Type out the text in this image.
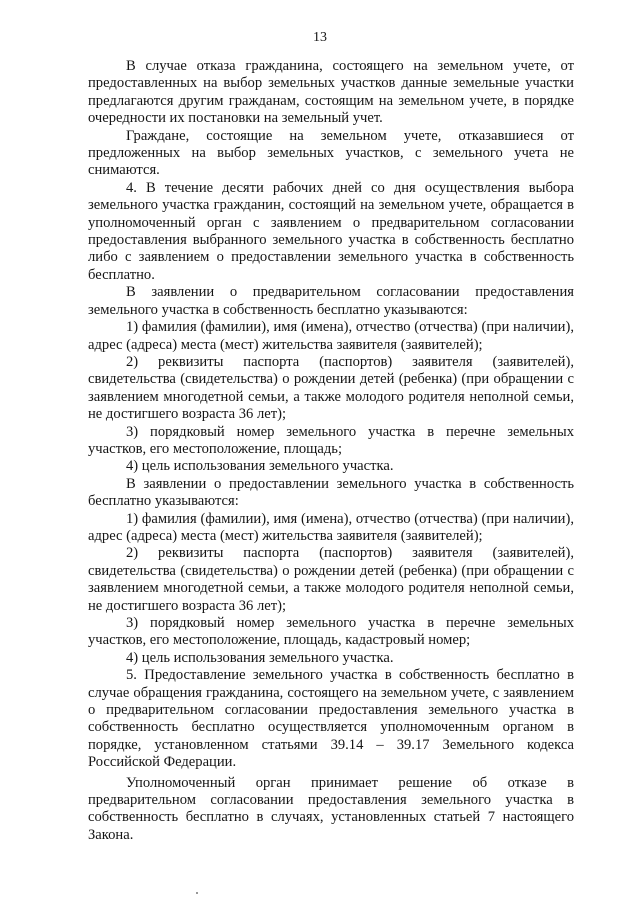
13

В случае отказа гражданина, состоящего на земельном учете, от предоставленных на выбор земельных участков данные земельные участки предлагаются другим гражданам, состоящим на земельном учете, в порядке очередности их постановки на земельный учет.

Граждане, состоящие на земельном учете, отказавшиеся от предложенных на выбор земельных участков, с земельного учета не снимаются.

4. В течение десяти рабочих дней со дня осуществления выбора земельного участка гражданин, состоящий на земельном учете, обращается в уполномоченный орган с заявлением о предварительном согласовании предоставления выбранного земельного участка в собственность бесплатно либо с заявлением о предоставлении земельного участка в собственность бесплатно.

В заявлении о предварительном согласовании предоставления земельного участка в собственность бесплатно указываются:

1) фамилия (фамилии), имя (имена), отчество (отчества) (при наличии), адрес (адреса) места (мест) жительства заявителя (заявителей);

2) реквизиты паспорта (паспортов) заявителя (заявителей), свидетельства (свидетельства) о рождении детей (ребенка) (при обращении с заявлением многодетной семьи, а также молодого родителя неполной семьи, не достигшего возраста 36 лет);

3) порядковый номер земельного участка в перечне земельных участков, его местоположение, площадь;

4) цель использования земельного участка.

В заявлении о предоставлении земельного участка в собственность бесплатно указываются:

1) фамилия (фамилии), имя (имена), отчество (отчества) (при наличии), адрес (адреса) места (мест) жительства заявителя (заявителей);

2) реквизиты паспорта (паспортов) заявителя (заявителей), свидетельства (свидетельства) о рождении детей (ребенка) (при обращении с заявлением многодетной семьи, а также молодого родителя неполной семьи, не достигшего возраста 36 лет);

3) порядковый номер земельного участка в перечне земельных участков, его местоположение, площадь, кадастровый номер;

4) цель использования земельного участка.

5. Предоставление земельного участка в собственность бесплатно в случае обращения гражданина, состоящего на земельном учете, с заявлением о предварительном согласовании предоставления земельного участка в собственность бесплатно осуществляется уполномоченным органом в порядке, установленном статьями 39.14 – 39.17 Земельного кодекса Российской Федерации.

Уполномоченный орган принимает решение об отказе в предварительном согласовании предоставления земельного участка в собственность бесплатно в случаях, установленных статьей 7 настоящего Закона.
